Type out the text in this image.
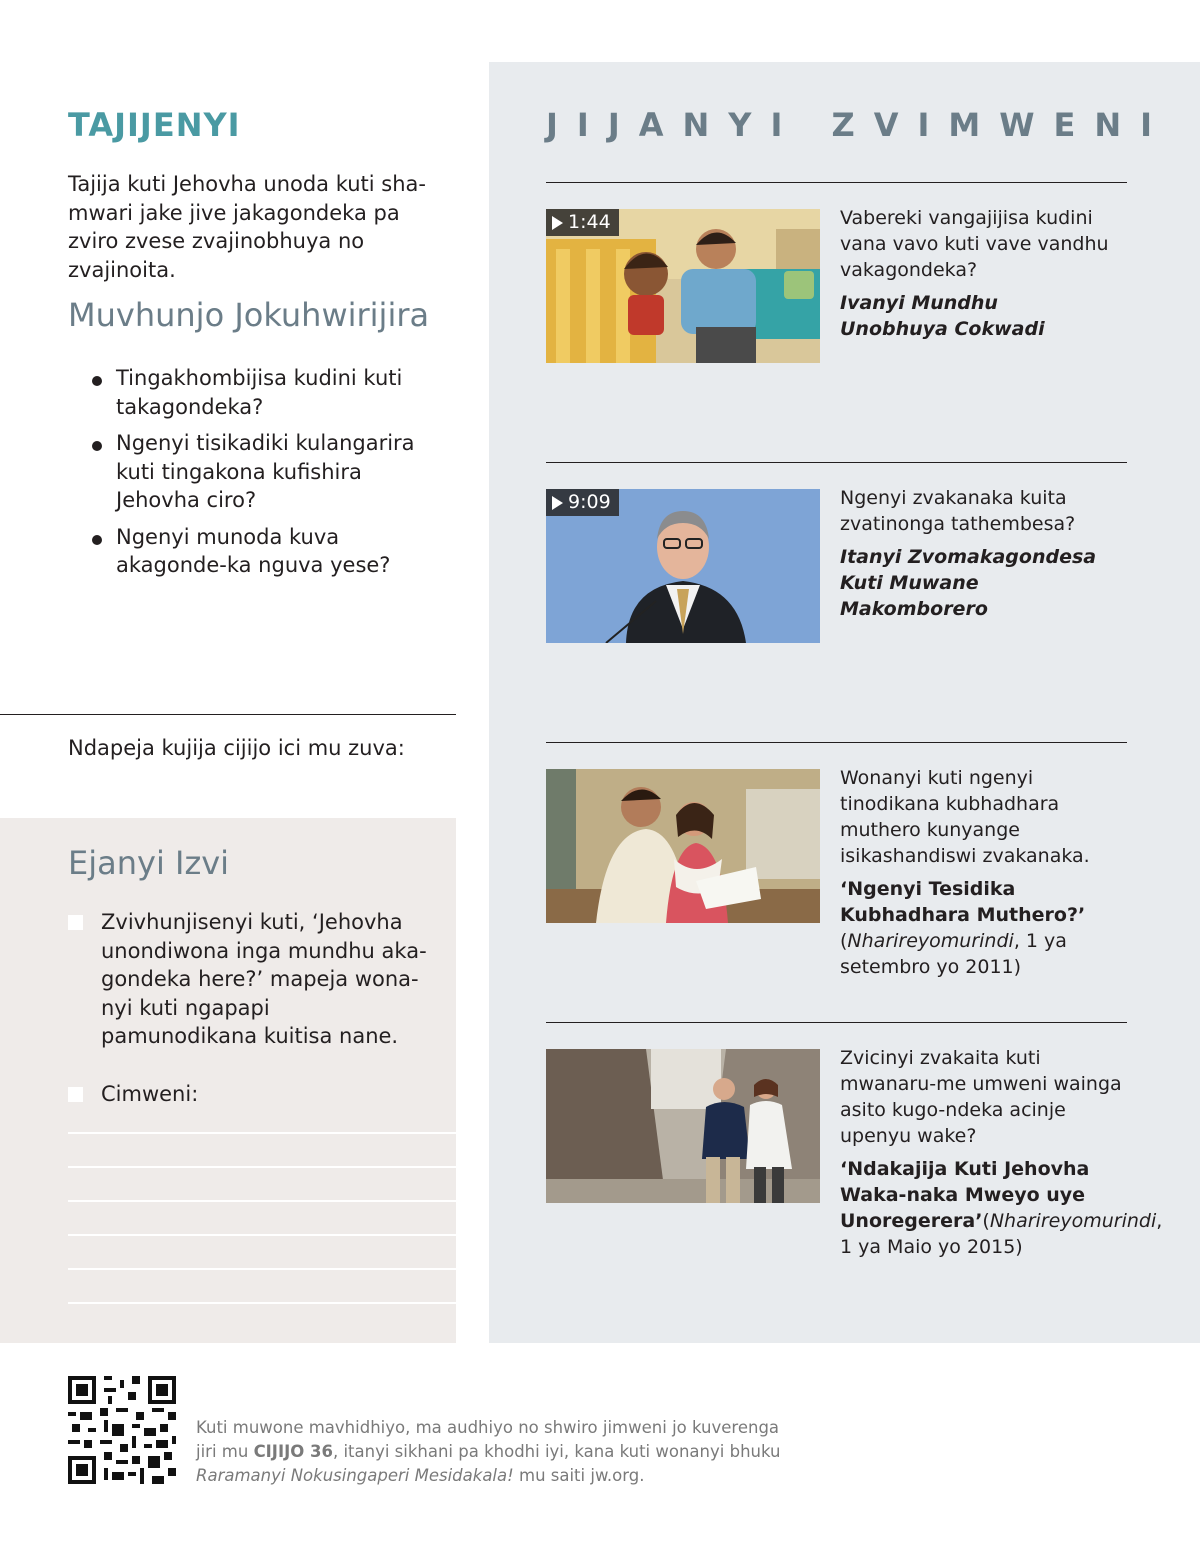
TAJIJENYI
Tajija kuti Jehovha unoda kuti sha-mwari jake jive jakagondeka pa zviro zvese zvajinobhuya no zvajinoita.
Muvhunjo Jokuhwirijira
Tingakhombijisa kudini kuti takagondeka?
Ngenyi tisikadiki kulangarira kuti tingakona kufishira Jehovha ciro?
Ngenyi munoda kuva akagonde-ka nguva yese?
Ndapeja kujija cijijo ici mu zuva:
Ejanyi Izvi
Zvivhunjisenyi kuti, ‘Jehovha unondiwona inga mundhu aka-gondeka here?’ mapeja wona-nyi kuti ngapapi pamunodikana kuitisa nane.
Cimweni:
JIJANYI ZVIMWENI
1:44	Vabereki vangajijisa kudini vana vavo kuti vave vandhu vakagondeka?
Ivanyi Mundhu Unobhuya Cokwadi
9:09	Ngenyi zvakanaka kuita zvatinonga tathembesa?
Itanyi Zvomakagondesa Kuti Muwane Makomborero
Wonanyi kuti ngenyi tinodikana kubhadhara muthero kunyange isikashandiswi zvakanaka.
‘Ngenyi Tesidika Kubhadhara Muthero?’ (Nharireyomurindi, 1 ya setembro yo 2011)
Zvicinyi zvakaita kuti mwanaru-me umweni wainga asito kugo-ndeka acinje upenyu wake?
‘Ndakajija Kuti Jehovha Waka-naka Mweyo uye Unoregerera’(Nharireyomurindi, 1 ya Maio yo 2015)
Kuti muwone mavhidhiyo, ma audhiyo no shwiro jimweni jo kuverenga
jiri mu CIJIJO 36, itanyi sikhani pa khodhi iyi, kana kuti wonanyi bhuku
Raramanyi Nokusingaperi Mesidakala! mu saiti jw.org.
